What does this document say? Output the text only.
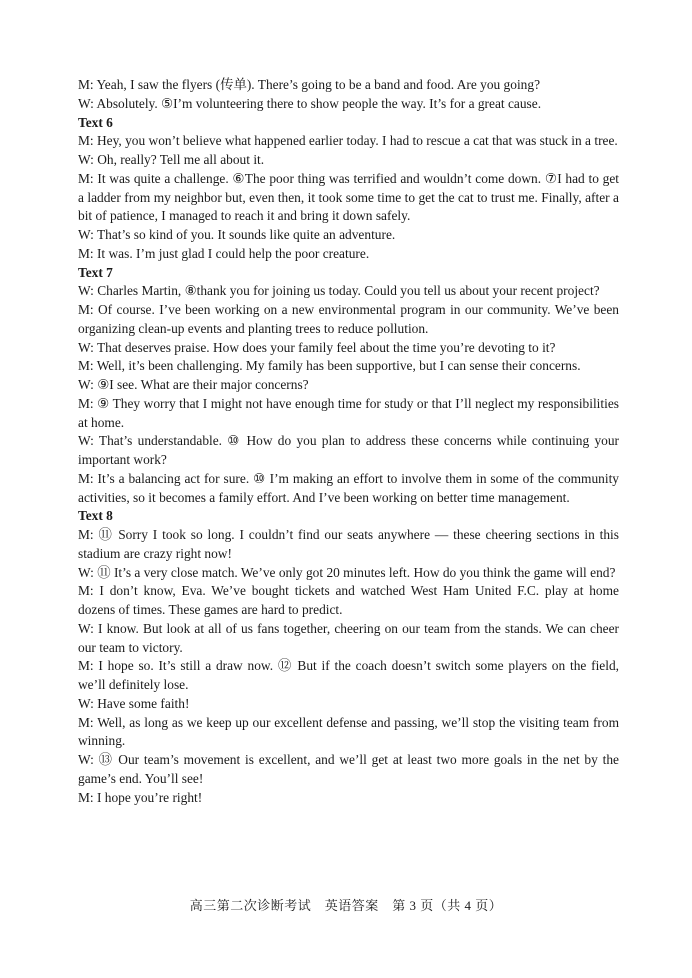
M: Yeah, I saw the flyers (传单). There’s going to be a band and food. Are you going?

W: Absolutely. ⑤I’m volunteering there to show people the way. It’s for a great cause.

Text 6

M: Hey, you won’t believe what happened earlier today. I had to rescue a cat that was stuck in a tree.

W: Oh, really? Tell me all about it.

M: It was quite a challenge. ⑥The poor thing was terrified and wouldn’t come down. ⑦I had to get a ladder from my neighbor but, even then, it took some time to get the cat to trust me. Finally, after a bit of patience, I managed to reach it and bring it down safely.

W: That’s so kind of you. It sounds like quite an adventure.

M: It was. I’m just glad I could help the poor creature.

Text 7

W: Charles Martin, ⑧thank you for joining us today. Could you tell us about your recent project?

M: Of course. I’ve been working on a new environmental program in our community. We’ve been organizing clean-up events and planting trees to reduce pollution.

W: That deserves praise. How does your family feel about the time you’re devoting to it?

M: Well, it’s been challenging. My family has been supportive, but I can sense their concerns.

W: ⑨I see. What are their major concerns?

M: ⑨ They worry that I might not have enough time for study or that I’ll neglect my responsibilities at home.

W: That’s understandable. ⑩ How do you plan to address these concerns while continuing your important work?

M: It’s a balancing act for sure. ⑩ I’m making an effort to involve them in some of the community activities, so it becomes a family effort. And I’ve been working on better time management.

Text 8

M: ⑪ Sorry I took so long. I couldn’t find our seats anywhere — these cheering sections in this stadium are crazy right now!

W: ⑪ It’s a very close match. We’ve only got 20 minutes left. How do you think the game will end?

M: I don’t know, Eva. We’ve bought tickets and watched West Ham United F.C. play at home dozens of times. These games are hard to predict.

W: I know. But look at all of us fans together, cheering on our team from the stands. We can cheer our team to victory.

M: I hope so. It’s still a draw now. ⑫ But if the coach doesn’t switch some players on the field, we’ll definitely lose.

W: Have some faith!

M: Well, as long as we keep up our excellent defense and passing, we’ll stop the visiting team from winning.

W: ⑬ Our team’s movement is excellent, and we’ll get at least two more goals in the net by the game’s end. You’ll see!

M: I hope you’re right!

高三第二次诊断考试　英语答案　第 3 页（共 4 页）
